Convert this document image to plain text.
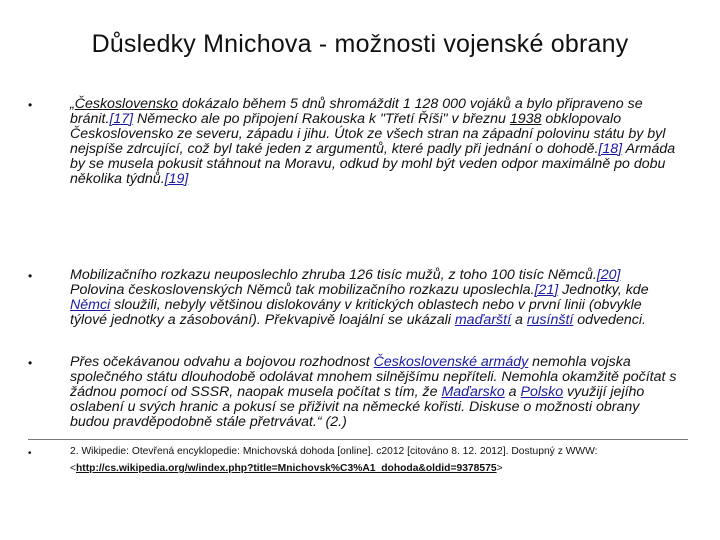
Důsledky Mnichova - možnosti vojenské obrany
•	„Československo dokázalo během 5 dnů shromáždit 1 128 000 vojáků a bylo připraveno se bránit.[17] Německo ale po připojení Rakouska k "Třetí Říši" v březnu 1938 obklopovalo Československo ze severu, západu i jihu. Útok ze všech stran na západní polovinu státu by byl nejspíše zdrcující, což byl také jeden z argumentů, které padly při jednání o dohodě.[18] Armáda by se musela pokusit stáhnout na Moravu, odkud by mohl být veden odpor maximálně po dobu několika týdnů.[19]

•	Mobilizačního rozkazu neuposlechlo zhruba 126 tisíc mužů, z toho 100 tisíc Němců.[20] Polovina československých Němců tak mobilizačního rozkazu uposlechla.[21] Jednotky, kde Němci sloužili, nebyly většinou dislokovány v kritických oblastech nebo v první linii (obvykle týlové jednotky a zásobování). Překvapivě loajální se ukázali maďarští a rusínští odvedenci.

•	Přes očekávanou odvahu a bojovou rozhodnost Československé armády nemohla vojska společného státu dlouhodobě odolávat mnohem silnějšímu nepříteli. Nemohla okamžitě počítat s žádnou pomocí od SSSR, naopak musela počítat s tím, že Maďarsko a Polsko využijí jejího oslabení u svých hranic a pokusí se přiživit na německé kořisti. Diskuse o možnosti obrany budou pravděpodobně stále přetrvávat.“ (2.)

•	2. Wikipedie: Otevřená encyklopedie: Mnichovská dohoda [online]. c2012 [citováno 8. 12. 2012]. Dostupný z WWW: <http://cs.wikipedia.org/w/index.php?title=Mnichovsk%C3%A1_dohoda&oldid=9378575>
